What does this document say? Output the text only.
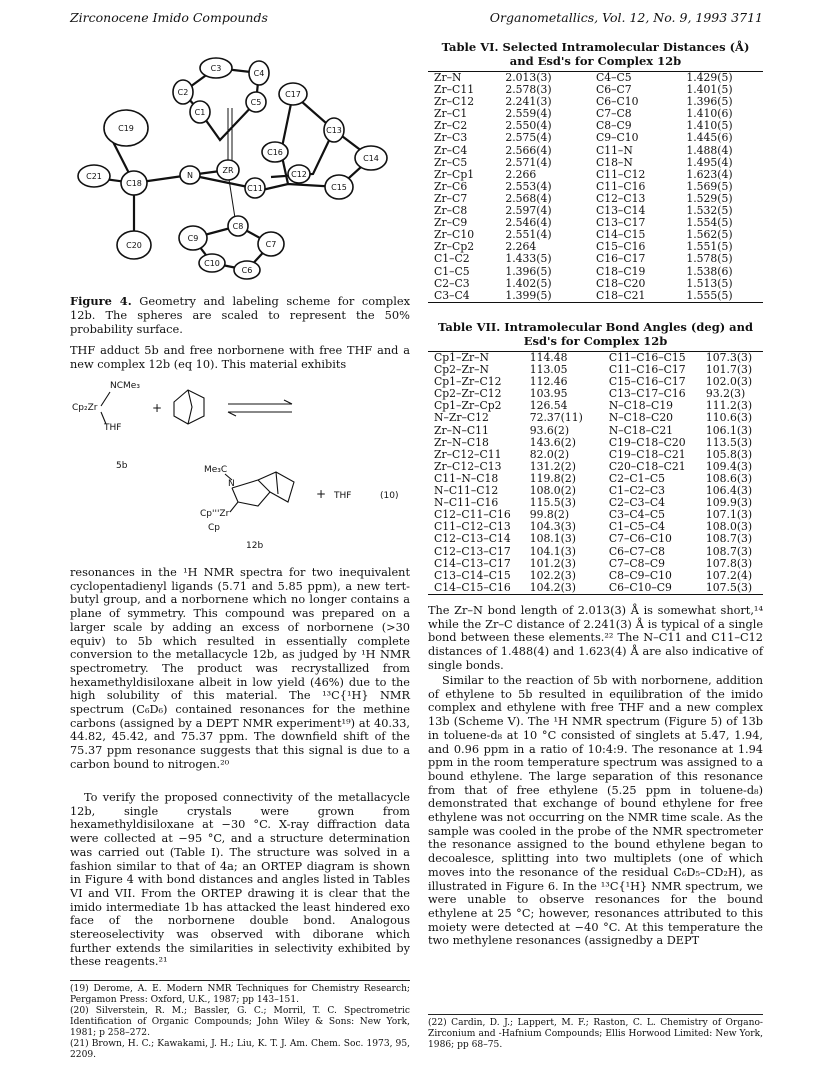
Zirconocene Imido Compounds	Organometallics, Vol. 12, No. 9, 1993 3711
C3
C4
C2
C5
C1
C17
C19	C13
C16
C14
C21
C18
N
ZR	C12
C15
C11
C8
C9
C20	C7
C10
C6
Figure 4. Geometry and labeling scheme for complex 12b. The spheres are scaled to represent the 50% probability surface.

THF adduct 5b and free norbornene with free THF and a new complex 12b (eq 10). This material exhibits

NCMe₃
Cp₂Zr
THF
+
5b	Me₃C
N
Cp'''Zr
Cp
+ THF	(10)
12b

resonances in the ¹H NMR spectra for two inequivalent cyclopentadienyl ligands (5.71 and 5.85 ppm), a new tert-butyl group, and a norbornene which no longer contains a plane of symmetry. This compound was prepared on a larger scale by adding an excess of norbornene (>30 equiv) to 5b which resulted in essentially complete conversion to the metallacycle 12b, as judged by ¹H NMR spectrometry. The product was recrystallized from hexamethyldisiloxane albeit in low yield (46%) due to the high solubility of this material. The ¹³C{¹H} NMR spectrum (C₆D₆) contained resonances for the methine carbons (assigned by a DEPT NMR experiment¹⁹) at 40.33, 44.82, 45.42, and 75.37 ppm. The downfield shift of the 75.37 ppm resonance suggests that this signal is due to a carbon bound to nitrogen.²⁰

To verify the proposed connectivity of the metallacycle 12b, single crystals were grown from hexamethyldisiloxane at −30 °C. X-ray diffraction data were collected at −95 °C, and a structure determination was carried out (Table I). The structure was solved in a fashion similar to that of 4a; an ORTEP diagram is shown in Figure 4 with bond distances and angles listed in Tables VI and VII. From the ORTEP drawing it is clear that the imido intermediate 1b has attacked the least hindered exo face of the norbornene double bond. Analogous stereoselectivity was observed with diborane which further extends the similarities in selectivity exhibited by these reagents.²¹

(19) Derome, A. E. Modern NMR Techniques for Chemistry Research; Pergamon Press: Oxford, U.K., 1987; pp 143–151.

(20) Silverstein, R. M.; Bassler, G. C.; Morril, T. C. Spectrometric Identification of Organic Compounds; John Wiley & Sons: New York, 1981; p 258–272.

(21) Brown, H. C.; Kawakami, J. H.; Liu, K. T. J. Am. Chem. Soc. 1973, 95, 2209.

Table VI. Selected Intramolecular Distances (Å) and Esd's for Complex 12b
Zr–N	2.013(3)	C4–C5	1.429(5)
Zr–C11	2.578(3)	C6–C7	1.401(5)
Zr–C12	2.241(3)	C6–C10	1.396(5)
Zr–C1	2.559(4)	C7–C8	1.410(6)
Zr–C2	2.550(4)	C8–C9	1.410(5)
Zr–C3	2.575(4)	C9–C10	1.445(6)
Zr–C4	2.566(4)	C11–N	1.488(4)
Zr–C5	2.571(4)	C18–N	1.495(4)
Zr–Cp1	2.266	C11–C12	1.623(4)
Zr–C6	2.553(4)	C11–C16	1.569(5)
Zr–C7	2.568(4)	C12–C13	1.529(5)
Zr–C8	2.597(4)	C13–C14	1.532(5)
Zr–C9	2.546(4)	C13–C17	1.554(5)
Zr–C10	2.551(4)	C14–C15	1.562(5)
Zr–Cp2	2.264	C15–C16	1.551(5)
C1–C2	1.433(5)	C16–C17	1.578(5)
C1–C5	1.396(5)	C18–C19	1.538(6)
C2–C3	1.402(5)	C18–C20	1.513(5)
C3–C4	1.399(5)	C18–C21	1.555(5)
Table VII. Intramolecular Bond Angles (deg) and Esd's for Complex 12b
Cp1–Zr–N	114.48	C11–C16–C15	107.3(3)
Cp2–Zr–N	113.05	C11–C16–C17	101.7(3)
Cp1–Zr–C12	112.46	C15–C16–C17	102.0(3)
Cp2–Zr–C12	103.95	C13–C17–C16	93.2(3)
Cp1–Zr–Cp2	126.54	N–C18–C19	111.2(3)
N–Zr–C12	72.37(11)	N–C18–C20	110.6(3)
Zr–N–C11	93.6(2)	N–C18–C21	106.1(3)
Zr–N–C18	143.6(2)	C19–C18–C20	113.5(3)
Zr–C12–C11	82.0(2)	C19–C18–C21	105.8(3)
Zr–C12–C13	131.2(2)	C20–C18–C21	109.4(3)
C11–N–C18	119.8(2)	C2–C1–C5	108.6(3)
N–C11–C12	108.0(2)	C1–C2–C3	106.4(3)
N–C11–C16	115.5(3)	C2–C3–C4	109.9(3)
C12–C11–C16	99.8(2)	C3–C4–C5	107.1(3)
C11–C12–C13	104.3(3)	C1–C5–C4	108.0(3)
C12–C13–C14	108.1(3)	C7–C6–C10	108.7(3)
C12–C13–C17	104.1(3)	C6–C7–C8	108.7(3)
C14–C13–C17	101.2(3)	C7–C8–C9	107.8(3)
C13–C14–C15	102.2(3)	C8–C9–C10	107.2(4)
C14–C15–C16	104.2(3)	C6–C10–C9	107.5(3)

The Zr–N bond length of 2.013(3) Å is somewhat short,¹⁴ while the Zr–C distance of 2.241(3) Å is typical of a single bond between these elements.²² The N–C11 and C11–C12 distances of 1.488(4) and 1.623(4) Å are also indicative of single bonds.

Similar to the reaction of 5b with norbornene, addition of ethylene to 5b resulted in equilibration of the imido complex and ethylene with free THF and a new complex 13b (Scheme V). The ¹H NMR spectrum (Figure 5) of 13b in toluene-d₈ at 10 °C consisted of singlets at 5.47, 1.94, and 0.96 ppm in a ratio of 10:4:9. The resonance at 1.94 ppm in the room temperature spectrum was assigned to a bound ethylene. The large separation of this resonance from that of free ethylene (5.25 ppm in toluene-d₈) demonstrated that exchange of bound ethylene for free ethylene was not occurring on the NMR time scale. As the sample was cooled in the probe of the NMR spectrometer the resonance assigned to the bound ethylene began to decoalesce, splitting into two multiplets (one of which moves into the resonance of the residual C₆D₅–CD₂H), as illustrated in Figure 6. In the ¹³C{¹H} NMR spectrum, we were unable to observe resonances for the bound ethylene at 25 °C; however, resonances attributed to this moiety were detected at −40 °C. At this temperature the two methylene resonances (assignedby a DEPT

(22) Cardin, D. J.; Lappert, M. F.; Raston, C. L. Chemistry of Organo-Zirconium and -Hafnium Compounds; Ellis Horwood Limited: New York, 1986; pp 68–75.
